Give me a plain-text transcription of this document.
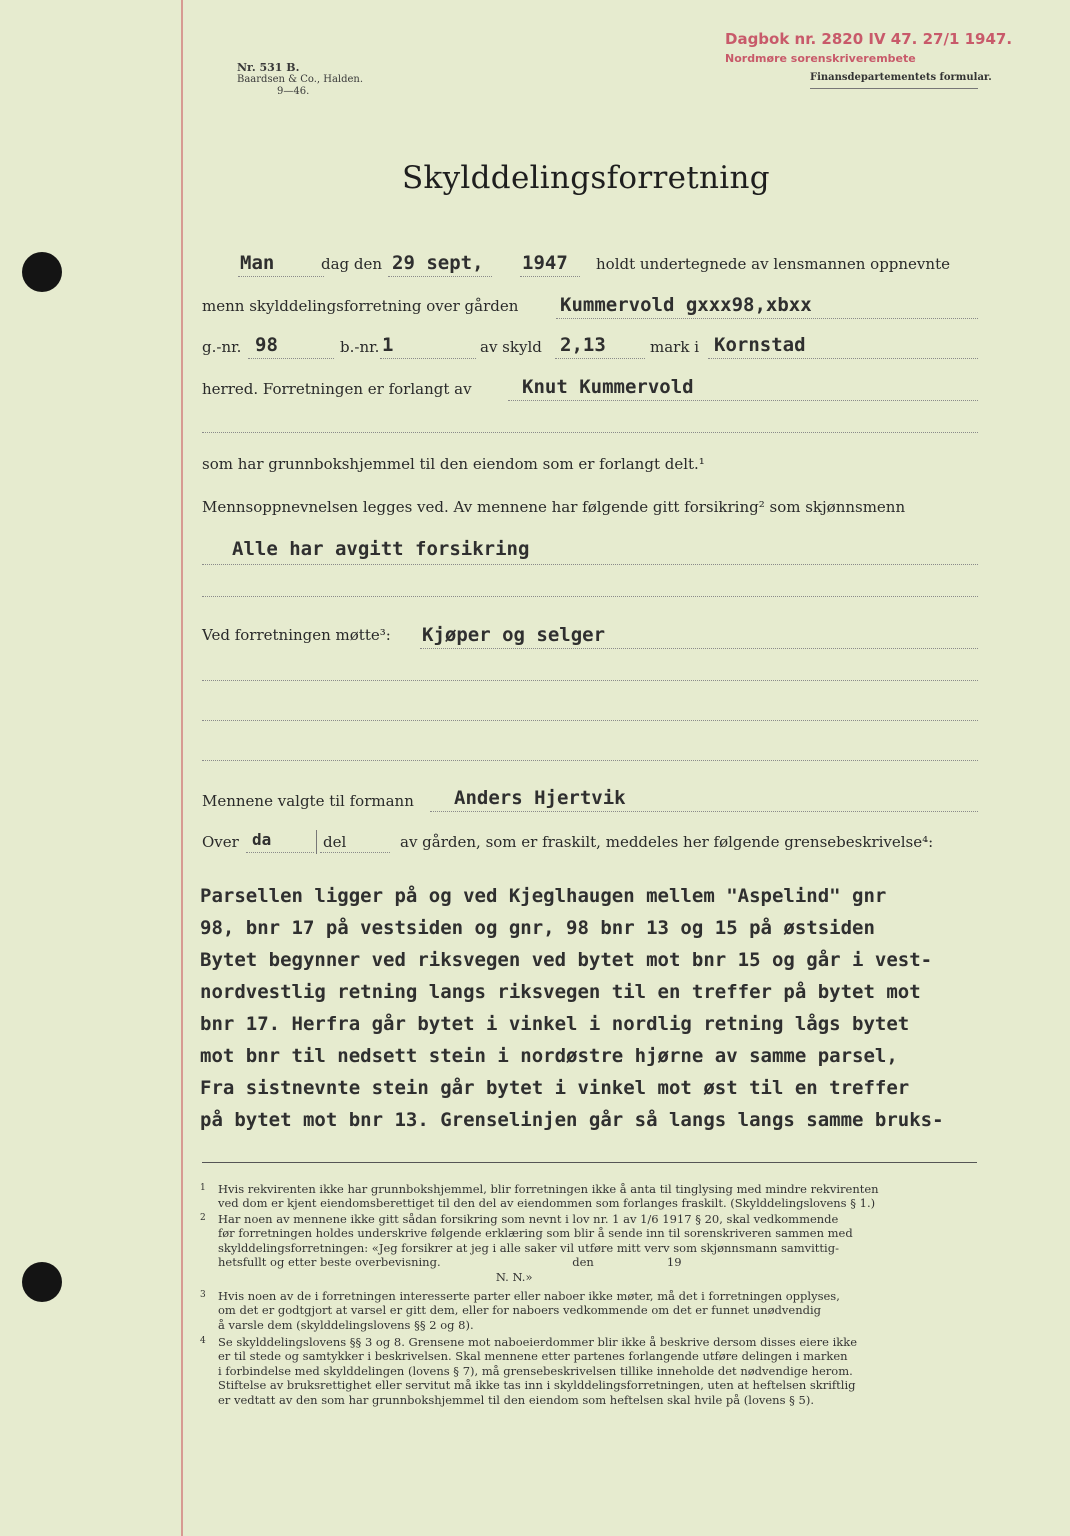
Nr. 531 B.
Baardsen & Co., Halden.
9—46.
Dagbok nr. 2820 IV 47. 27/1 1947.
Nordmøre sorenskriverembete
Finansdepartementets formular.
Skylddelingsforretning
Man	dag den 29 sept, 1947 holdt undertegnede av lensmannen oppnevnte
menn skylddelingsforretning over gården Kummervold gxxx98,xbxx
g.-nr. 98	b.-nr. 1	av skyld 2,13	mark i Kornstad
herred. Forretningen er forlangt av	Knut Kummervold
som har grunnbokshjemmel til den eiendom som er forlangt delt.¹
Mennsoppnevnelsen legges ved. Av mennene har følgende gitt forsikring² som skjønnsmenn
Alle har avgitt forsikring
Ved forretningen møtte³: Kjøper og selger
Mennene valgte til formann Anders Hjertvik
Over da	del	av gården, som er fraskilt, meddeles her følgende grensebeskrivelse⁴:
Parsellen ligger på og ved Kjeglhaugen mellem "Aspelind" gnr
98, bnr 17 på vestsiden og gnr, 98 bnr 13 og 15 på østsiden
Bytet begynner ved riksvegen ved bytet mot bnr 15 og går i vest-
nordvestlig retning langs riksvegen til en treffer på bytet mot
bnr 17. Herfra går bytet i vinkel i nordlig retning lågs bytet
mot bnr til nedsett stein i nordøstre hjørne av samme parsel,
Fra sistnevnte stein går bytet i vinkel mot øst til en treffer
på bytet mot bnr 13. Grenselinjen går så langs langs samme bruks-
1 Hvis rekvirenten ikke har grunnbokshjemmel, blir forretningen ikke å anta til tinglysing med mindre rekvirenten
ved dom er kjent eiendomsberettiget til den del av eiendommen som forlanges fraskilt. (Skylddelingslovens § 1.)
2 Har noen av mennene ikke gitt sådan forsikring som nevnt i lov nr. 1 av 1/6 1917 § 20, skal vedkommende
før forretningen holdes underskrive følgende erklæring som blir å sende inn til sorenskriveren sammen med
skylddelingsforretningen: «Jeg forsikrer at jeg i alle saker vil utføre mitt verv som skjønnsmann samvittig-
hetsfullt og etter beste overbevisning.                                    den                    19
N. N.»
3 Hvis noen av de i forretningen interesserte parter eller naboer ikke møter, må det i forretningen opplyses,
om det er godtgjort at varsel er gitt dem, eller for naboers vedkommende om det er funnet unødvendig
å varsle dem (skylddelingslovens §§ 2 og 8).
4 Se skylddelingslovens §§ 3 og 8. Grensene mot naboeierdommer blir ikke å beskrive dersom disses eiere ikke
er til stede og samtykker i beskrivelsen. Skal mennene etter partenes forlangende utføre delingen i marken
i forbindelse med skylddelingen (lovens § 7), må grensebeskrivelsen tillike inneholde det nødvendige herom.
Stiftelse av bruksrettighet eller servitut må ikke tas inn i skylddelingsforretningen, uten at heftelsen skriftlig
er vedtatt av den som har grunnbokshjemmel til den eiendom som heftelsen skal hvile på (lovens § 5).
